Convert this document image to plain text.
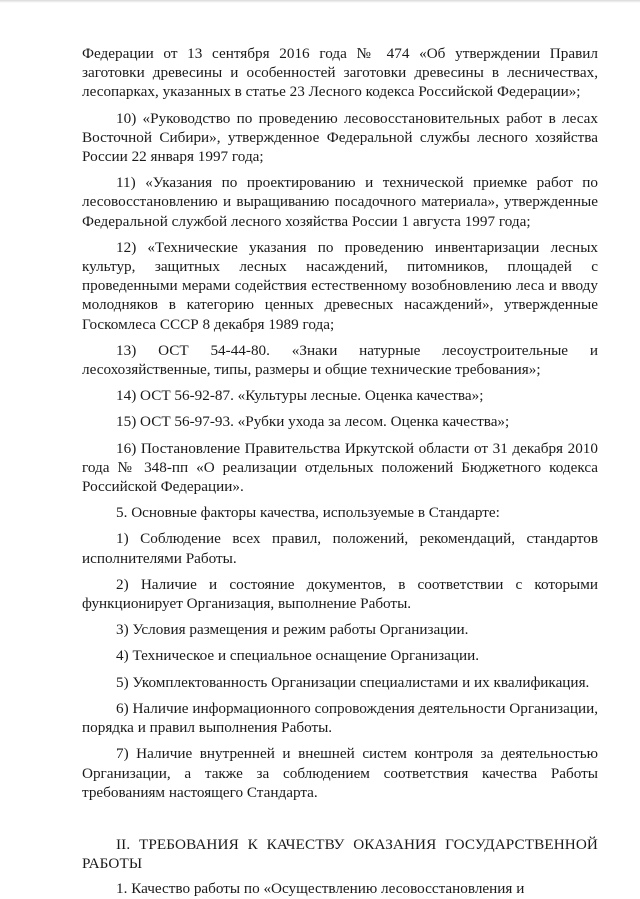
Федерации от 13 сентября 2016 года № 474 «Об утверждении Правил заготовки древесины и особенностей заготовки древесины в лесничествах, лесопарках, указанных в статье 23 Лесного кодекса Российской Федерации»;

10) «Руководство по проведению лесовосстановительных работ в лесах Восточной Сибири», утвержденное Федеральной службы лесного хозяйства России 22 января 1997 года;

11) «Указания по проектированию и технической приемке работ по лесовосстановлению и выращиванию посадочного материала», утвержденные Федеральной службой лесного хозяйства России 1 августа 1997 года;

12) «Технические указания по проведению инвентаризации лесных культур, защитных лесных насаждений, питомников, площадей с проведенными мерами содействия естественному возобновлению леса и вводу молодняков в категорию ценных древесных насаждений», утвержденные Госкомлеса СССР 8 декабря 1989 года;

13) ОСТ 54-44-80. «Знаки натурные лесоустроительные и лесохозяйственные, типы, размеры и общие технические требования»;

14) ОСТ 56-92-87. «Культуры лесные. Оценка качества»;

15) ОСТ 56-97-93. «Рубки ухода за лесом. Оценка качества»;

16) Постановление Правительства Иркутской области от 31 декабря 2010 года № 348-пп «О реализации отдельных положений Бюджетного кодекса Российской Федерации».

5. Основные факторы качества, используемые в Стандарте:

1) Соблюдение всех правил, положений, рекомендаций, стандартов исполнителями Работы.

2) Наличие и состояние документов, в соответствии с которыми функционирует Организация, выполнение Работы.

3) Условия размещения и режим работы Организации.

4) Техническое и специальное оснащение Организации.

5) Укомплектованность Организации специалистами и их квалификация.

6) Наличие информационного сопровождения деятельности Организации, порядка и правил выполнения Работы.

7) Наличие внутренней и внешней систем контроля за деятельностью Организации, а также за соблюдением соответствия качества Работы требованиям настоящего Стандарта.

II. ТРЕБОВАНИЯ К КАЧЕСТВУ ОКАЗАНИЯ ГОСУДАРСТВЕННОЙ РАБОТЫ

1. Качество работы по «Осуществлению лесовосстановления и
